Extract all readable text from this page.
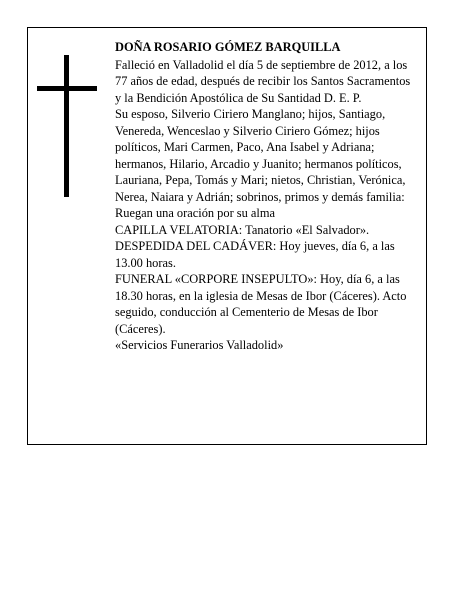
DOÑA ROSARIO GÓMEZ BARQUILLA

Falleció en Valladolid el día 5 de septiembre de 2012, a los 77 años de edad, después de recibir los Santos Sacramentos y la Bendición Apostólica de Su Santidad D. E. P.

Su esposo, Silverio Ciriero Manglano; hijos, Santiago, Venereda, Wenceslao y Silverio Ciriero Gómez; hijos políticos, Mari Carmen, Paco, Ana Isabel y Adriana; hermanos, Hilario, Arcadio y Juanito; hermanos políticos, Lauriana, Pepa, Tomás y Mari; nietos, Christian, Verónica, Nerea, Naiara y Adrián; sobrinos, primos y demás familia:

Ruegan una oración por su alma

CAPILLA VELATORIA: Tanatorio «El Salvador».

DESPEDIDA DEL CADÁVER: Hoy jueves, día 6, a las 13.00 horas.

FUNERAL «CORPORE INSEPULTO»: Hoy, día 6, a las 18.30 horas, en la iglesia de Mesas de Ibor (Cáceres). Acto seguido, conducción al Cementerio de Mesas de Ibor (Cáceres).

«Servicios Funerarios Valladolid»
